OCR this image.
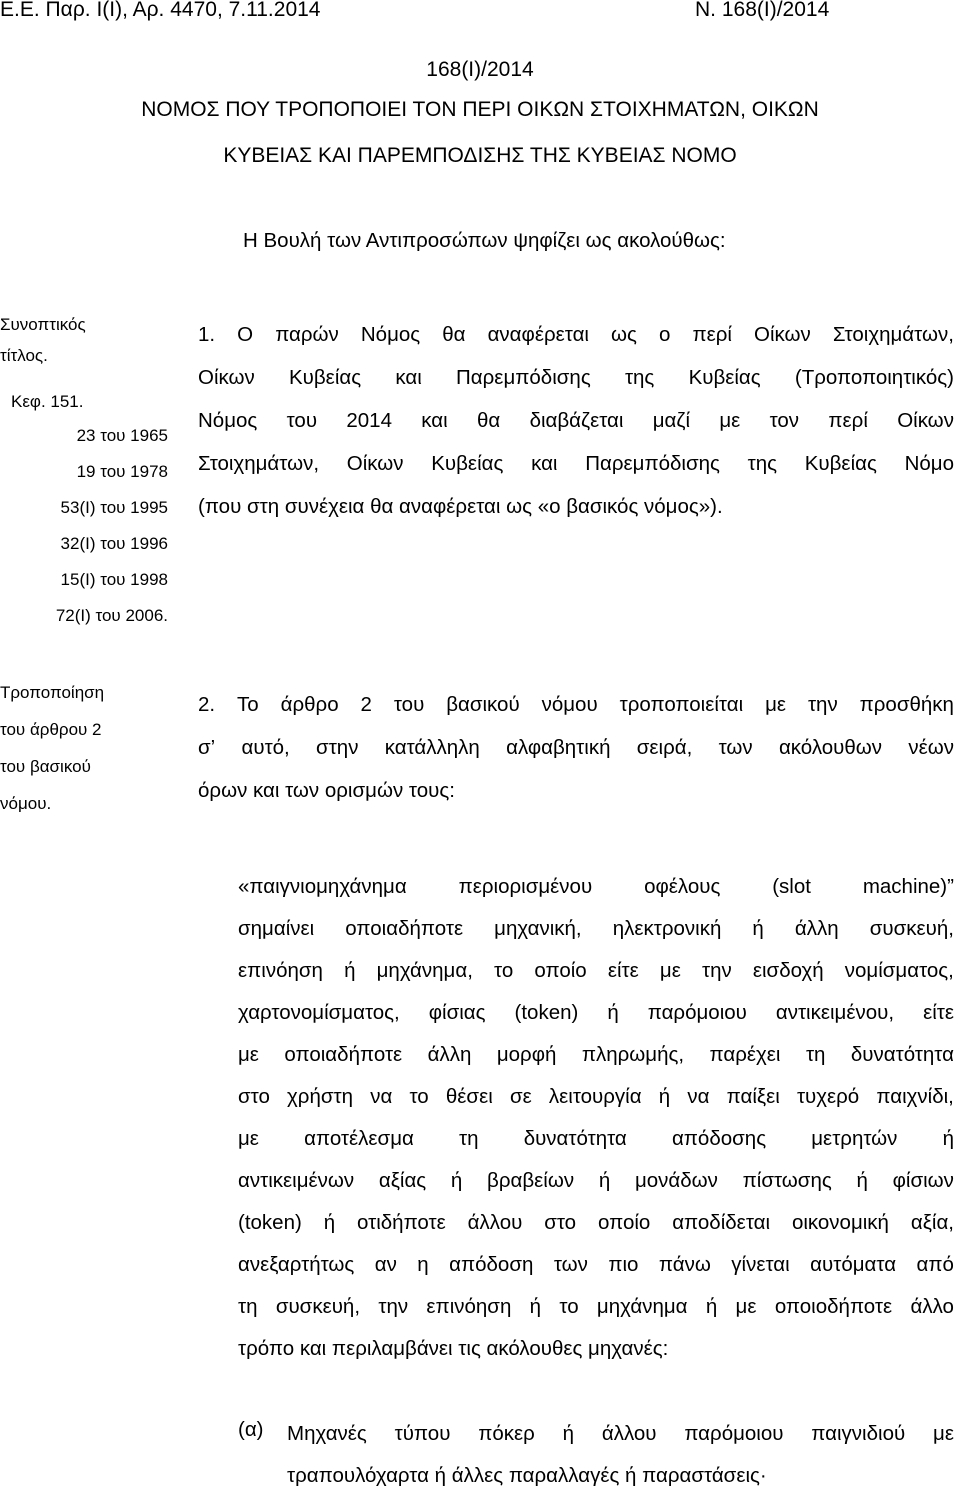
Ε.Ε. Παρ. Ι(Ι), Αρ. 4470, 7.11.2014	Ν. 168(Ι)/2014
168(Ι)/2014
ΝΟΜΟΣ ΠΟΥ ΤΡΟΠΟΠΟΙΕΙ ΤΟΝ ΠΕΡΙ ΟΙΚΩΝ ΣΤΟΙΧΗΜΑΤΩΝ, ΟΙΚΩΝ
ΚΥΒΕΙΑΣ ΚΑΙ ΠΑΡΕΜΠΟΔΙΣΗΣ ΤΗΣ ΚΥΒΕΙΑΣ ΝΟΜΟ
Η Βουλή των Αντιπροσώπων ψηφίζει ως ακολούθως:
Συνοπτικός
τίτλος.
Κεφ. 151.
23 του 1965
19 του 1978
53(Ι) του 1995
32(Ι) του 1996
15(Ι) του 1998
72(Ι) του 2006.
1. Ο παρών Νόμος θα αναφέρεται ως ο περί Οίκων Στοιχημάτων,
Οίκων Κυβείας και Παρεμπόδισης της Κυβείας (Τροποποιητικός)
Νόμος του 2014 και θα διαβάζεται μαζί με τον περί Οίκων
Στοιχημάτων, Οίκων Κυβείας και Παρεμπόδισης της Κυβείας Νόμο
(που στη συνέχεια θα αναφέρεται ως «ο βασικός νόμος»).
Τροποποίηση
του άρθρου 2
του βασικού
νόμου.
2. Το άρθρο 2 του βασικού νόμου τροποποιείται με την προσθήκη
σ’ αυτό, στην κατάλληλη αλφαβητική σειρά, των ακόλουθων νέων
όρων και των ορισμών τους:
«παιγνιομηχάνημα	περιορισμένου	οφέλους	(slot	machine)”
σημαίνει οποιαδήποτε μηχανική, ηλεκτρονική ή άλλη συσκευή,
επινόηση ή μηχάνημα, το οποίο είτε με την εισδοχή νομίσματος,
χαρτονομίσματος, φίσιας (token) ή παρόμοιου αντικειμένου, είτε
με οποιαδήποτε άλλη μορφή πληρωμής, παρέχει τη δυνατότητα
στο χρήστη να το θέσει σε λειτουργία ή να παίξει τυχερό παιχνίδι,
με αποτέλεσμα τη δυνατότητα απόδοσης μετρητών ή
αντικειμένων αξίας ή βραβείων ή μονάδων πίστωσης ή φίσιων
(token) ή οτιδήποτε άλλου στο οποίο αποδίδεται οικονομική αξία,
ανεξαρτήτως αν η απόδοση των πιο πάνω γίνεται αυτόματα από
τη συσκευή, την επινόηση ή το μηχάνημα ή με οποιοδήποτε άλλο
τρόπο και περιλαμβάνει τις ακόλουθες μηχανές:
(α) Μηχανές τύπου πόκερ ή άλλου παρόμοιου παιγνιδιού με
τραπουλόχαρτα ή άλλες παραλλαγές ή παραστάσεις·
